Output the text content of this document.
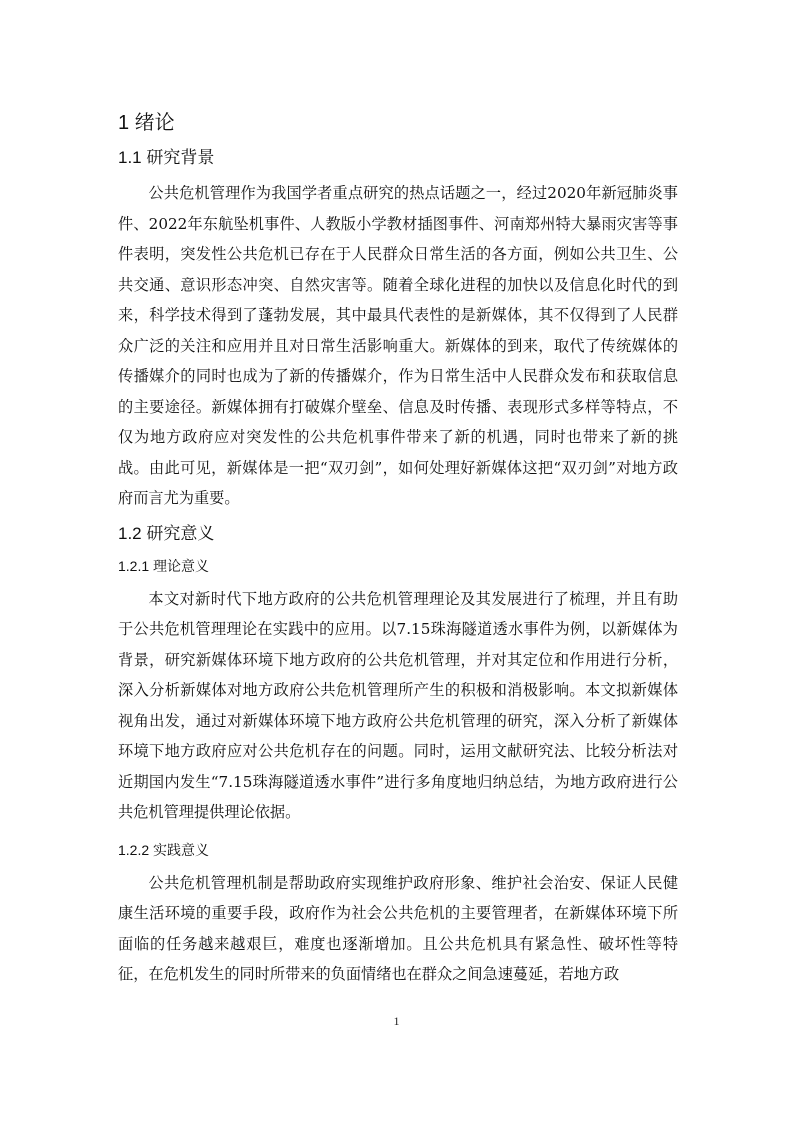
1 绪论
1.1 研究背景

公共危机管理作为我国学者重点研究的热点话题之一，经过2020年新冠肺炎事件、2022年东航坠机事件、人教版小学教材插图事件、河南郑州特大暴雨灾害等事件表明，突发性公共危机已存在于人民群众日常生活的各方面，例如公共卫生、公共交通、意识形态冲突、自然灾害等。随着全球化进程的加快以及信息化时代的到来，科学技术得到了蓬勃发展，其中最具代表性的是新媒体，其不仅得到了人民群众广泛的关注和应用并且对日常生活影响重大。新媒体的到来，取代了传统媒体的传播媒介的同时也成为了新的传播媒介，作为日常生活中人民群众发布和获取信息的主要途径。新媒体拥有打破媒介壁垒、信息及时传播、表现形式多样等特点，不仅为地方政府应对突发性的公共危机事件带来了新的机遇，同时也带来了新的挑战。由此可见，新媒体是一把“双刃剑”，如何处理好新媒体这把“双刃剑”对地方政府而言尤为重要。

1.2 研究意义
1.2.1 理论意义

本文对新时代下地方政府的公共危机管理理论及其发展进行了梳理，并且有助于公共危机管理理论在实践中的应用。以7.15珠海隧道透水事件为例，以新媒体为背景，研究新媒体环境下地方政府的公共危机管理，并对其定位和作用进行分析，深入分析新媒体对地方政府公共危机管理所产生的积极和消极影响。本文拟新媒体视角出发，通过对新媒体环境下地方政府公共危机管理的研究，深入分析了新媒体环境下地方政府应对公共危机存在的问题。同时，运用文献研究法、比较分析法对近期国内发生“7.15珠海隧道透水事件”进行多角度地归纳总结，为地方政府进行公共危机管理提供理论依据。

1.2.2 实践意义

公共危机管理机制是帮助政府实现维护政府形象、维护社会治安、保证人民健康生活环境的重要手段，政府作为社会公共危机的主要管理者，在新媒体环境下所面临的任务越来越艰巨，难度也逐渐增加。且公共危机具有紧急性、破坏性等特征，在危机发生的同时所带来的负面情绪也在群众之间急速蔓延，若地方政

1
